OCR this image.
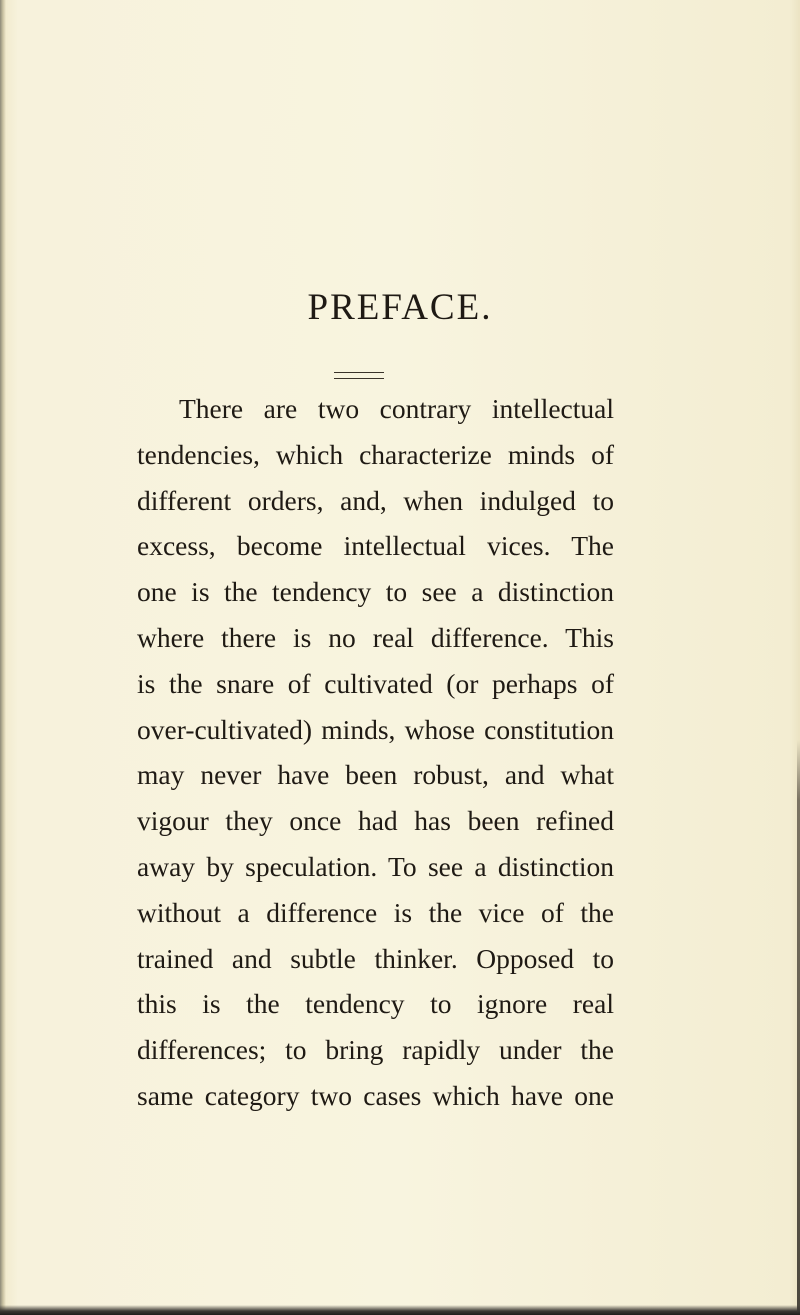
PREFACE.
There are two contrary intellectual
tendencies, which characterize minds of
different orders, and, when indulged to
excess, become intellectual vices. The
one is the tendency to see a distinction
where there is no real difference. This
is the snare of cultivated (or perhaps of
over-cultivated) minds, whose constitution
may never have been robust, and what
vigour they once had has been refined
away by speculation. To see a distinction
without a difference is the vice of the
trained and subtle thinker. Opposed to
this is the tendency to ignore real
differences; to bring rapidly under the
same category two cases which have one
